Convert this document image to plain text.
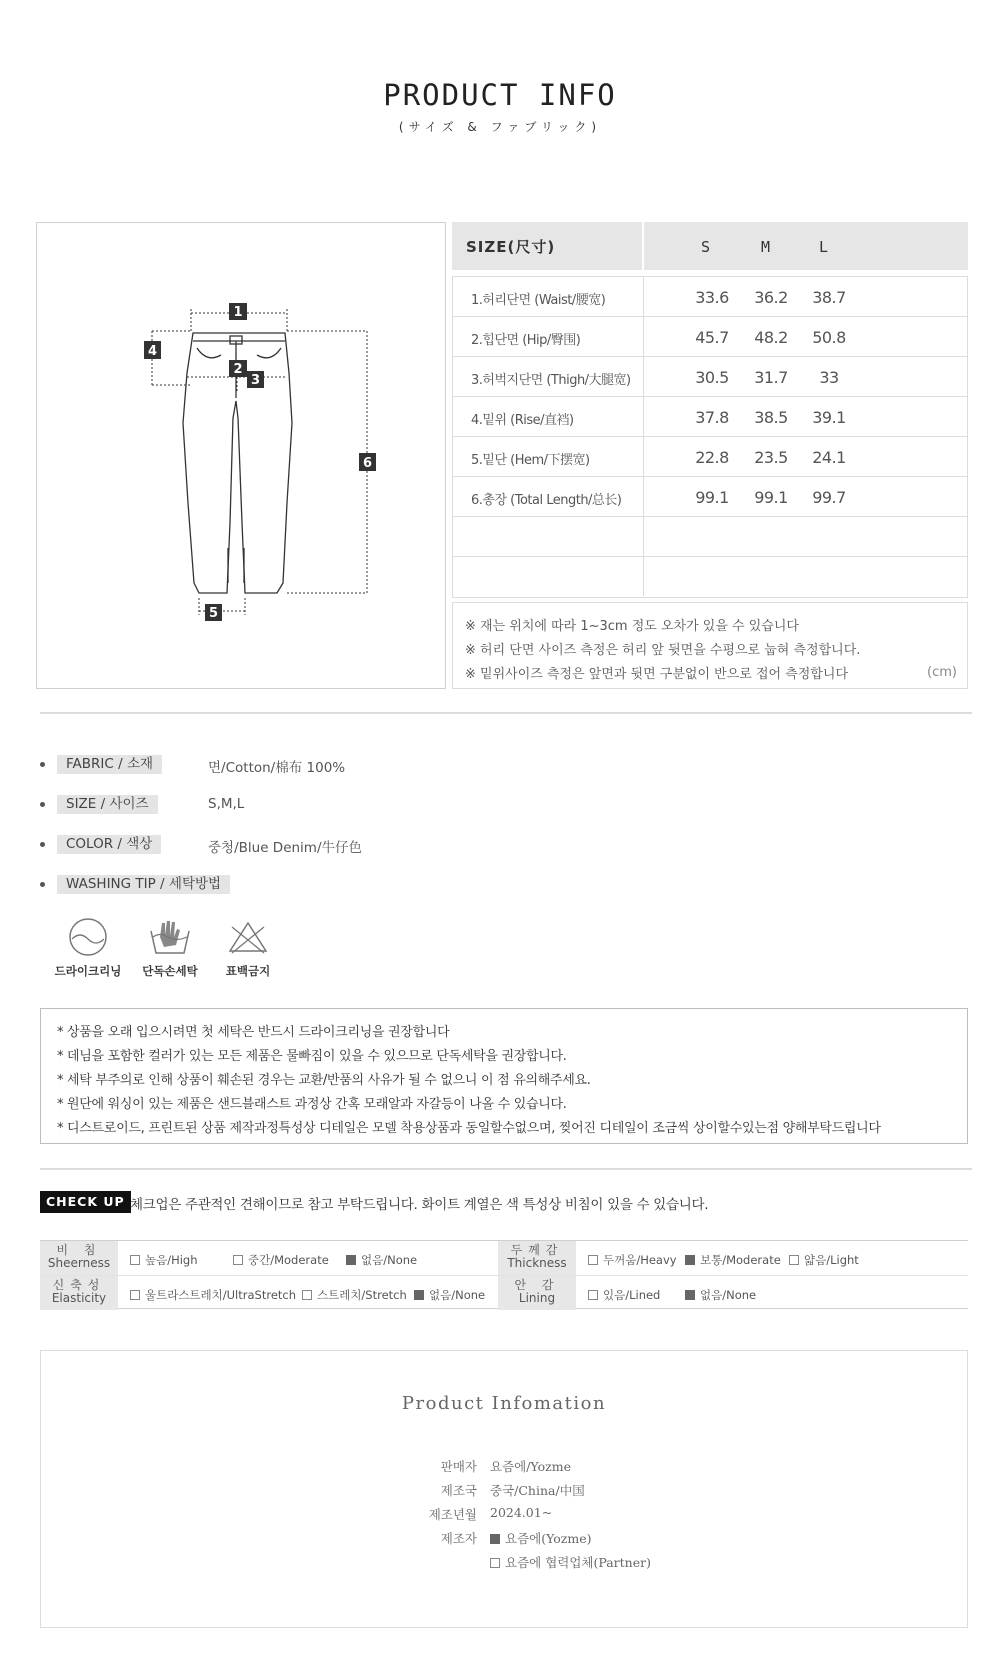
PRODUCT INFO
(サイズ & ファブリック)
1
4
2
3
6
5
SIZE(尺寸)	S	M	L
1.허리단면 (Waist/腰宽)	33.6	36.2	38.7
2.힙단면 (Hip/臀围)	45.7	48.2	50.8
3.허벅지단면 (Thigh/大腿宽)	30.5	31.7	33
4.밑위 (Rise/直裆)	37.8	38.5	39.1
5.밑단 (Hem/下摆宽)	22.8	23.5	24.1
6.총장 (Total Length/总长)	99.1	99.1	99.7
※ 재는 위치에 따라 1~3cm 정도 오차가 있을 수 있습니다
※ 허리 단면 사이즈 측정은 허리 앞 뒷면을 수평으로 눕혀 측정합니다.
※ 밑위사이즈 측정은 앞면과 뒷면 구분없이 반으로 접어 측정합니다	(cm)
FABRIC / 소재	면/Cotton/棉布 100%
SIZE / 사이즈	S,M,L
COLOR / 색상	중청/Blue Denim/牛仔色
WASHING TIP / 세탁방법
드라이크리닝	단독손세탁	표백금지
* 상품을 오래 입으시려면 첫 세탁은 반드시 드라이크리닝을 권장합니다
* 데님을 포함한 컬러가 있는 모든 제품은 물빠짐이 있을 수 있으므로 단독세탁을 권장합니다.
* 세탁 부주의로 인해 상품이 훼손된 경우는 교환/반품의 사유가 될 수 없으니 이 점 유의해주세요.
* 원단에 워싱이 있는 제품은 샌드블래스트 과정상 간혹 모래알과 자갈등이 나올 수 있습니다.
* 디스트로이드, 프린트된 상품 제작과정특성상 디테일은 모델 착용상품과 동일할수없으며, 찢어진 디테일이 조금씩 상이할수있는점 양해부탁드립니다
CHECK UP 체크업은 주관적인 견해이므로 참고 부탁드립니다. 화이트 계열은 색 특성상 비침이 있을 수 있습니다.
비 침
Sheerness	높음/High	중간/Moderate	없음/None
두께감
Thickness	두꺼움/Heavy	보통/Moderate	얇음/Light
신축성
Elasticity	울트라스트레치/UltraStretch	스트레치/Stretch	없음/None
안 감
Lining	있음/Lined	없음/None
Product Infomation
판매자 요즘에/Yozme
제조국 중국/China/中国
제조년월 2024.01~
제조자	요즘에(Yozme)
요즘에 협력업체(Partner)
